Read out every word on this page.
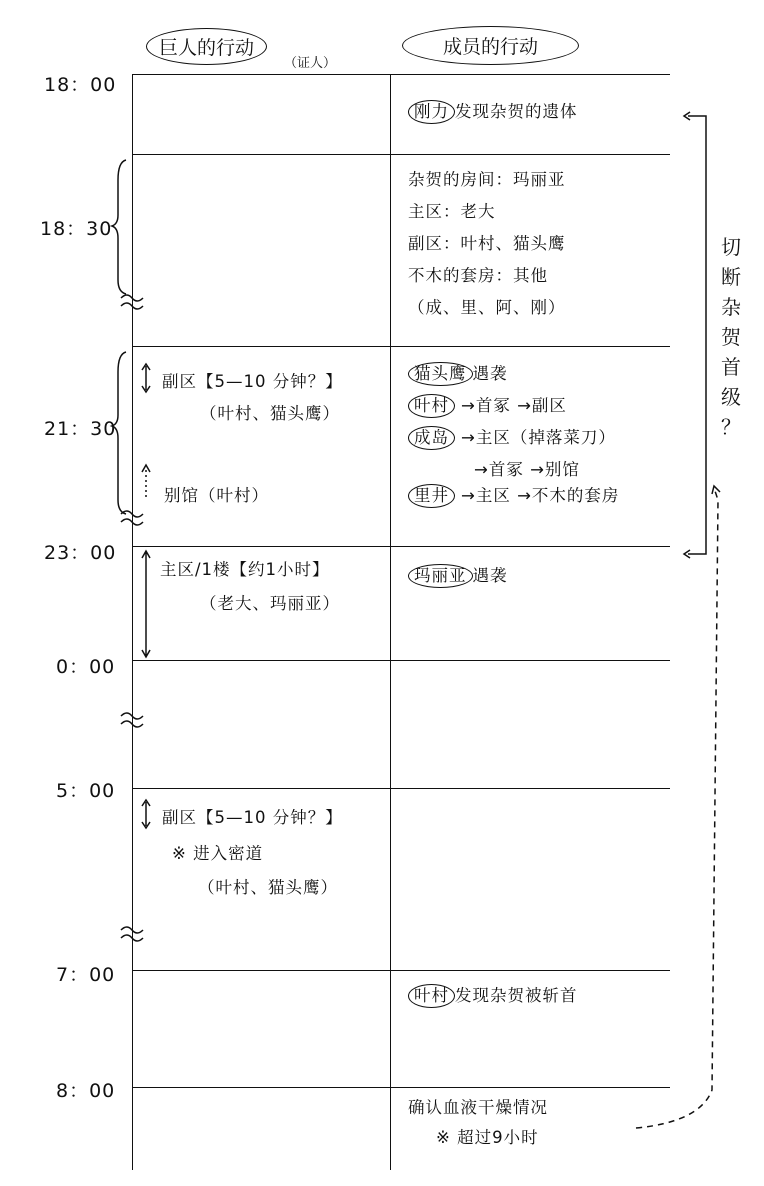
巨人的行动
（证人）
成员的行动
18：00
18：30
21：30
23：00
0：00
5：00
7：00
8：00
副区【5—10 分钟？】
（叶村、猫头鹰）
别馆（叶村）
主区/1楼【约1小时】
（老大、玛丽亚）
副区【5—10 分钟？】
※ 进入密道
（叶村、猫头鹰）
刚力 发现杂贺的遗体
杂贺的房间：玛丽亚
主区：老大
副区：叶村、猫头鹰
不木的套房：其他
（成、里、阿、刚）
猫头鹰 遇袭
叶村 →首冢 →副区
成岛 →主区（掉落菜刀）
→首冢 →别馆
里井 →主区 →不木的套房
玛丽亚 遇袭
叶村 发现杂贺被斩首
确认血液干燥情况
※ 超过9小时
切
断
杂
贺
首
级
？
